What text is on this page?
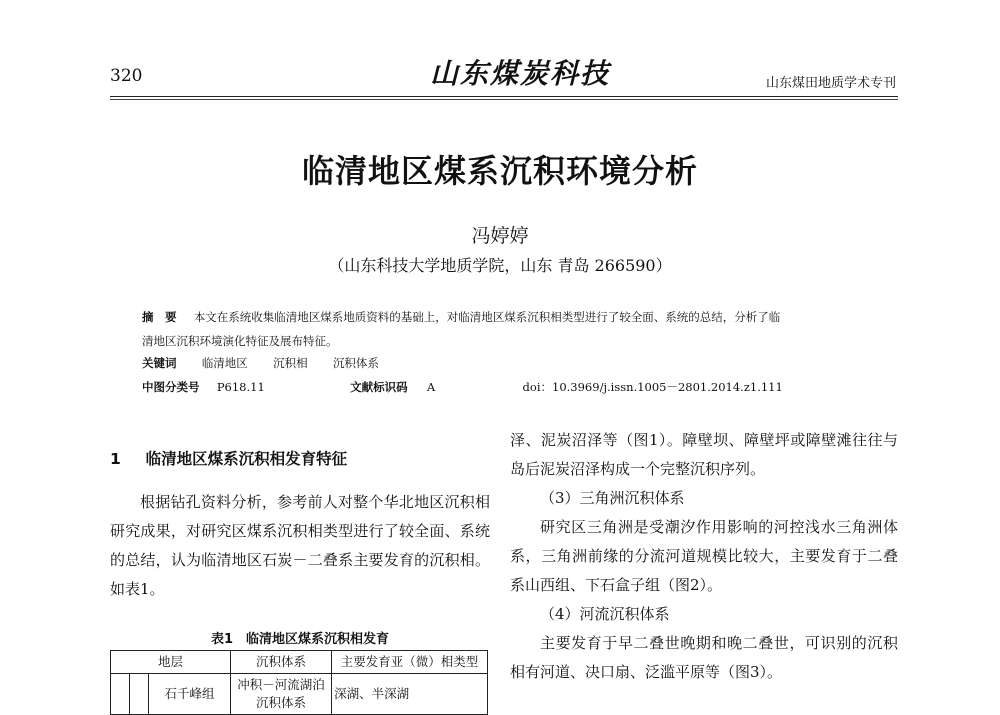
320	山东煤炭科技	山东煤田地质学术专刊
临清地区煤系沉积环境分析
冯婷婷
（山东科技大学地质学院，山东 青岛 266590）
摘　要 本文在系统收集临清地区煤系地质资料的基础上，对临清地区煤系沉积相类型进行了较全面、系统的总结，分析了临
清地区沉积环境演化特征及展布特征。
关键词 临清地区 沉积相 沉积体系
中图分类号 P618.11	文献标识码 A	doi：10.3969/j.issn.1005－2801.2014.z1.111
1 临清地区煤系沉积相发育特征

根据钻孔资料分析，参考前人对整个华北地区沉积相研究成果，对研究区煤系沉积相类型进行了较全面、系统的总结，认为临清地区石炭－二叠系主要发育的沉积相。如表1。

表1　临清地区煤系沉积相发育
地层			沉积体系	主要发育亚（微）相类型
		石千峰组	冲积－河流湖泊沉积体系	深湖、半深湖

泽、泥炭沼泽等（图1）。障壁坝、障壁坪或障壁滩往往与岛后泥炭沼泽构成一个完整沉积序列。

（3）三角洲沉积体系

研究区三角洲是受潮汐作用影响的河控浅水三角洲体系，三角洲前缘的分流河道规模比较大，主要发育于二叠系山西组、下石盒子组（图2）。

（4）河流沉积体系

主要发育于早二叠世晚期和晚二叠世，可识别的沉积相有河道、决口扇、泛滥平原等（图3）。
